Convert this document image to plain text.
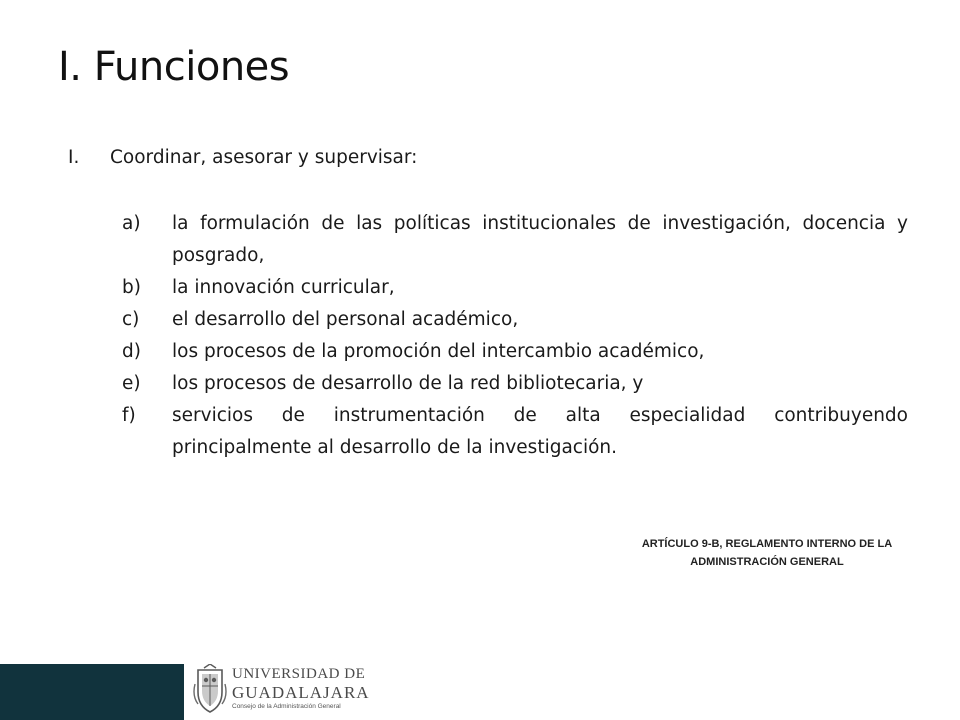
I. Funciones
I.	Coordinar, asesorar y supervisar:
a)	la formulación de las políticas institucionales de investigación, docencia y posgrado,
b)	la innovación curricular,
c)	el desarrollo del personal académico,
d)	los procesos de la promoción del intercambio académico,
e)	los procesos de desarrollo de la red bibliotecaria, y
f)	servicios de instrumentación de alta especialidad contribuyendo principalmente al desarrollo de la investigación.
ARTÍCULO 9-B, REGLAMENTO INTERNO DE LA
ADMINISTRACIÓN GENERAL
UNIVERSIDAD DE
GUADALAJARA
Consejo de la Administración General
